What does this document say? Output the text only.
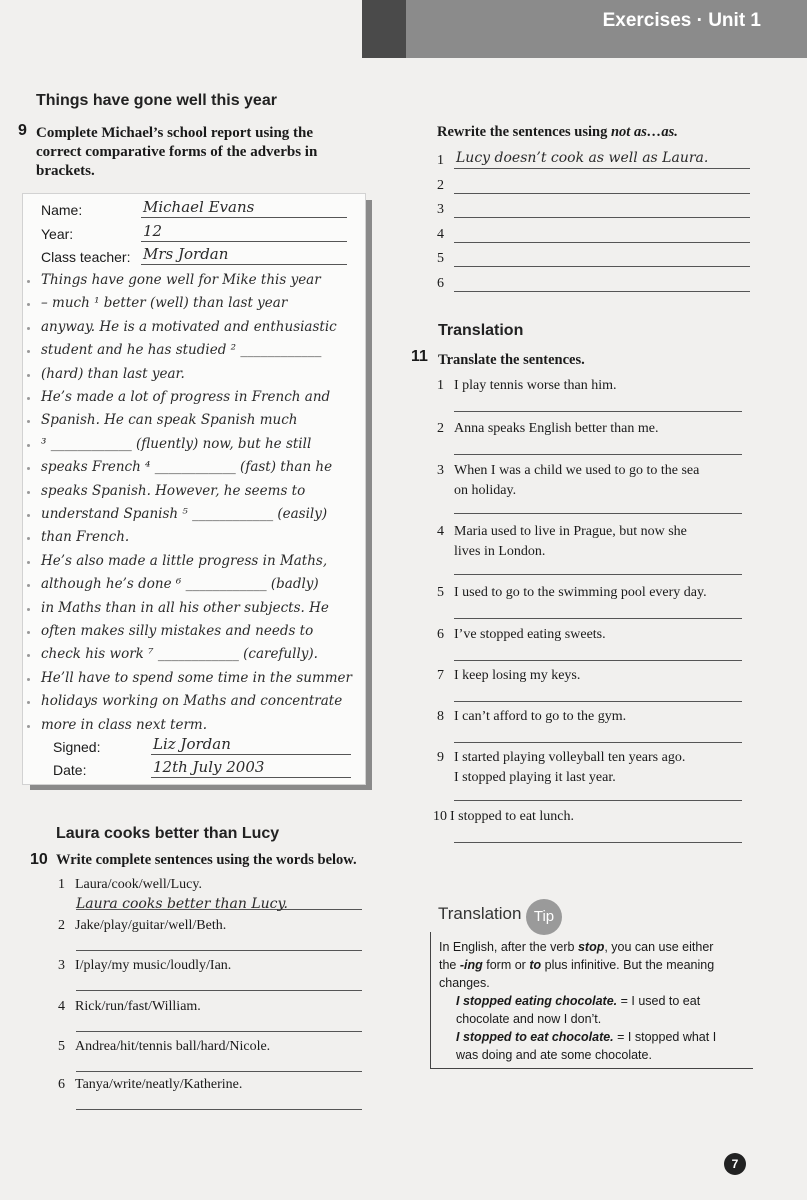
Exercises · Unit 1
Things have gone well this year
9 Complete Michael’s school report using the
correct comparative forms of the adverbs in
brackets.
Name:	Michael Evans
Year:	12
Class teacher: Mrs Jordan
Things have gone well for Mike this year
– much ¹ better (well) than last year
anyway. He is a motivated and enthusiastic
student and he has studied ² ____________
(hard) than last year.
He’s made a lot of progress in French and
Spanish. He can speak Spanish much
³ ____________ (fluently) now, but he still
speaks French ⁴ ____________ (fast) than he
speaks Spanish. However, he seems to
understand Spanish ⁵ ____________ (easily)
than French.
He’s also made a little progress in Maths,
although he’s done ⁶ ____________ (badly)
in Maths than in all his other subjects. He
often makes silly mistakes and needs to
check his work ⁷ ____________ (carefully).
He’ll have to spend some time in the summer
holidays working on Maths and concentrate
more in class next term.
Signed:	Liz Jordan
Date:	12th July 2003
Laura cooks better than Lucy
10 Write complete sentences using the words below.
1 Laura/cook/well/Lucy.
2 Jake/play/guitar/well/Beth.
3 I/play/my music/loudly/Ian.
4 Rick/run/fast/William.
5 Andrea/hit/tennis ball/hard/Nicole.
6 Tanya/write/neatly/Katherine.
Laura cooks better than Lucy.
Rewrite the sentences using not as…as.
1
2
3
4
5
6
Lucy doesn’t cook as well as Laura.
Translation
11 Translate the sentences.
1 I play tennis worse than him.
2 Anna speaks English better than me.
3 When I was a child we used to go to the sea
on holiday.
4 Maria used to live in Prague, but now she
lives in London.
5 I used to go to the swimming pool every day.
6 I’ve stopped eating sweets.
7 I keep losing my keys.
8 I can’t afford to go to the gym.
9 I started playing volleyball ten years ago.
I stopped playing it last year.
10 I stopped to eat lunch.
Translation Tip
In English, after the verb stop, you can use either
the -ing form or to plus infinitive. But the meaning
changes.
I stopped eating chocolate. = I used to eat
chocolate and now I don’t.
I stopped to eat chocolate. = I stopped what I
was doing and ate some chocolate.
7
